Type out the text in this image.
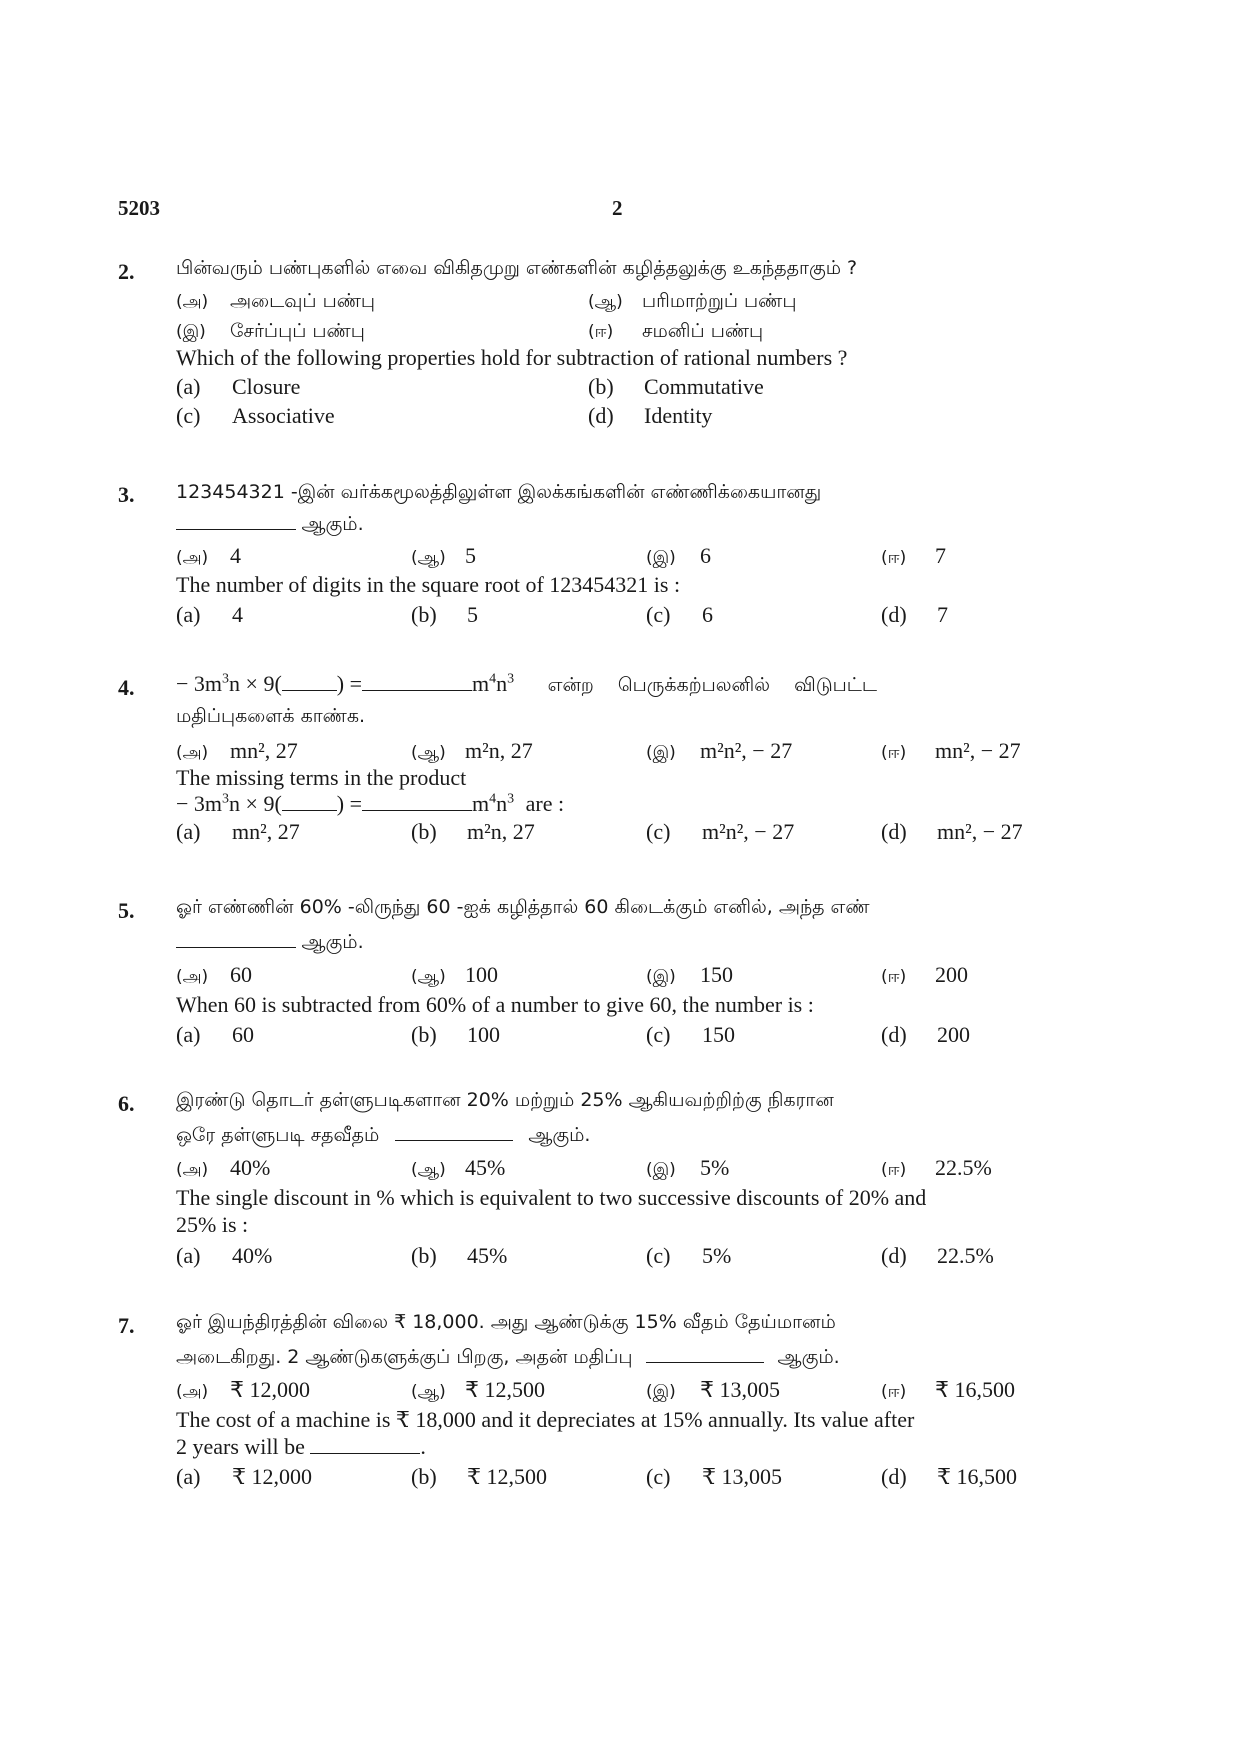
5203	2
2. பின்வரும் பண்புகளில் எவை விகிதமுறு எண்களின் கழித்தலுக்கு உகந்ததாகும் ?
(அ) அடைவுப் பண்பு	(ஆ) பரிமாற்றுப் பண்பு
(இ) சேர்ப்புப் பண்பு	(ஈ) சமனிப் பண்பு
Which of the following properties hold for subtraction of rational numbers ?
(a) Closure	(b) Commutative
(c) Associative	(d) Identity
3. 123454321 -இன் வர்க்கமூலத்திலுள்ள இலக்கங்களின் எண்ணிக்கையானது
ஆகும்.
(அ) 4	(ஆ) 5	(இ) 6	(ஈ) 7
The number of digits in the square root of 123454321 is :
(a) 4	(b) 5	(c) 6	(d) 7
4. − $3m^3n \times 9$(	) =	$m^4n^3$ என்ற பெருக்கற்பலனில் விடுபட்ட
மதிப்புகளைக் காண்க.
(அ) mn², 27	(ஆ) m²n, 27	(இ) m²n², − 27	(ஈ) mn², − 27
The missing terms in the product
− $3m^3n \times 9$(	) =	$m^4n^3$ are :
(a) mn², 27	(b) m²n, 27	(c) m²n², − 27	(d) mn², − 27
5. ஓர் எண்ணின் 60% -லிருந்து 60 -ஐக் கழித்தால் 60 கிடைக்கும் எனில், அந்த எண்
ஆகும்.
(அ) 60	(ஆ) 100	(இ) 150	(ஈ) 200
When 60 is subtracted from 60% of a number to give 60, the number is :
(a) 60	(b) 100	(c) 150	(d) 200
6. இரண்டு தொடர் தள்ளுபடிகளான 20% மற்றும் 25% ஆகியவற்றிற்கு நிகரான
ஒரே தள்ளுபடி சதவீதம்	ஆகும்.
(அ) 40%	(ஆ) 45%	(இ) 5%	(ஈ) 22.5%
The single discount in % which is equivalent to two successive discounts of 20% and
25% is :
(a) 40%	(b) 45%	(c) 5%	(d) 22.5%
7. ஓர் இயந்திரத்தின் விலை ₹ 18,000. அது ஆண்டுக்கு 15% வீதம் தேய்மானம்
அடைகிறது. 2 ஆண்டுகளுக்குப் பிறகு, அதன் மதிப்பு	ஆகும்.
(அ) ₹ 12,000	(ஆ) ₹ 12,500	(இ) ₹ 13,005	(ஈ) ₹ 16,500
The cost of a machine is ₹ 18,000 and it depreciates at 15% annually. Its value after
2 years will be	.
(a) ₹ 12,000	(b) ₹ 12,500	(c) ₹ 13,005	(d) ₹ 16,500
